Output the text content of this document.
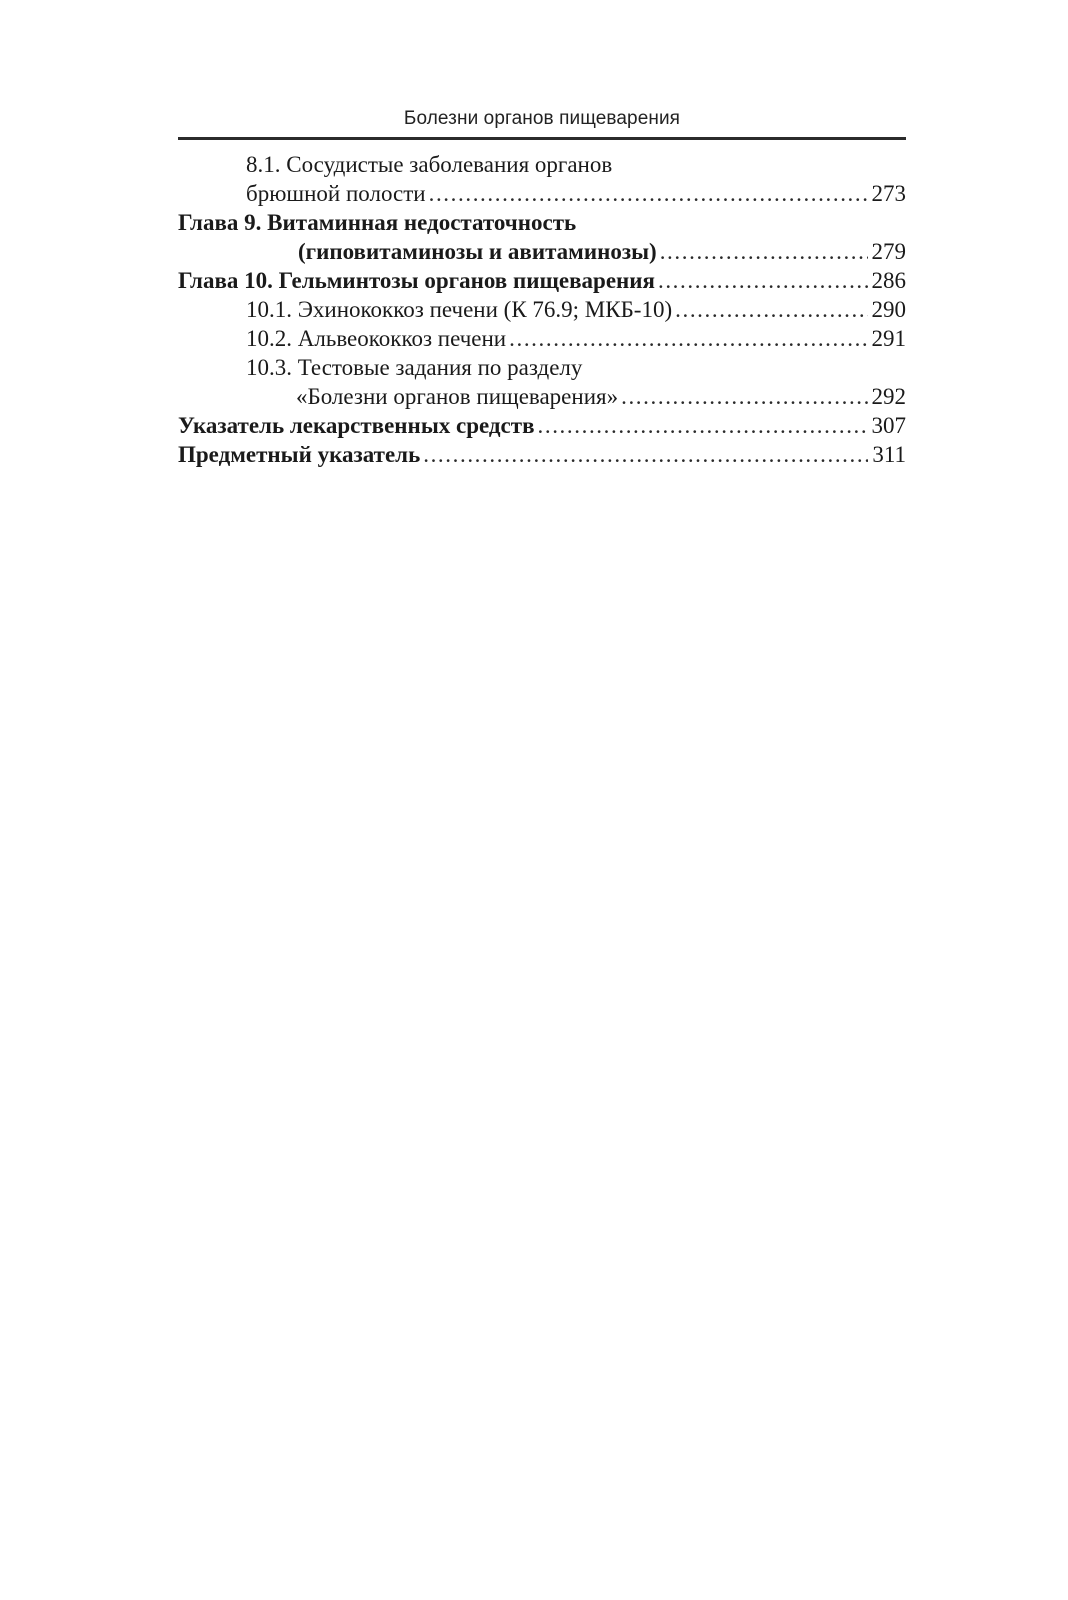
Болезни органов пищеварения
8.1. Сосудистые заболевания органов
брюшной полости .....	273
Глава 9. Витаминная недостаточность
(гиповитаминозы и авитаминозы) .....	279
Глава 10. Гельминтозы органов пищеварения .....	286
10.1. Эхинококкоз печени (К 76.9; МКБ-10) .....	290
10.2. Альвеококкоз печени .....	291
10.3. Тестовые задания по разделу
«Болезни органов пищеварения» .....	292
Указатель лекарственных средств .....	307
Предметный указатель .....	311
